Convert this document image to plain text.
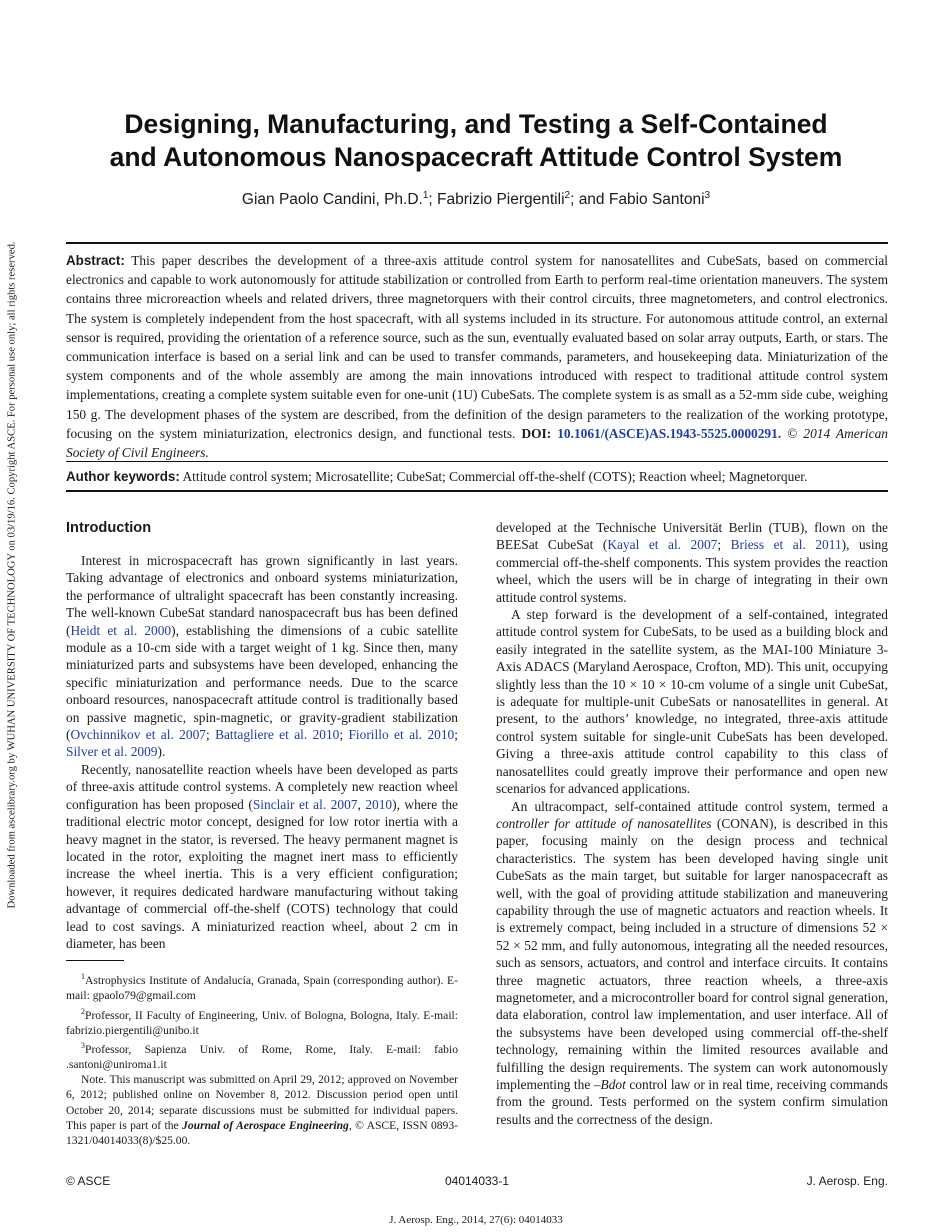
Downloaded from ascelibrary.org by WUHAN UNIVERSITY OF TECHNOLOGY on 03/19/16. Copyright ASCE. For personal use only; all rights reserved.
Designing, Manufacturing, and Testing a Self-Contained
and Autonomous Nanospacecraft Attitude Control System
Gian Paolo Candini, Ph.D.$^1$; Fabrizio Piergentili$^2$; and Fabio Santoni$^3$
Abstract: This paper describes the development of a three-axis attitude control system for nanosatellites and CubeSats, based on commercial electronics and capable to work autonomously for attitude stabilization or controlled from Earth to perform real-time orientation maneuvers. The system contains three microreaction wheels and related drivers, three magnetorquers with their control circuits, three magnetometers, and control electronics. The system is completely independent from the host spacecraft, with all systems included in its structure. For autonomous attitude control, an external sensor is required, providing the orientation of a reference source, such as the sun, eventually evaluated based on solar array outputs, Earth, or stars. The communication interface is based on a serial link and can be used to transfer commands, parameters, and housekeeping data. Miniaturization of the system components and of the whole assembly are among the main innovations introduced with respect to traditional attitude control system implementations, creating a complete system suitable even for one-unit (1U) CubeSats. The complete system is as small as a 52-mm side cube, weighing 150 g. The development phases of the system are described, from the definition of the design parameters to the realization of the working prototype, focusing on the system miniaturization, electronics design, and functional tests. DOI: 10.1061/(ASCE)AS.1943-5525.0000291. © 2014 American Society of Civil Engineers.
Author keywords: Attitude control system; Microsatellite; CubeSat; Commercial off-the-shelf (COTS); Reaction wheel; Magnetorquer.
Introduction

Interest in microspacecraft has grown significantly in last years. Taking advantage of electronics and onboard systems miniaturization, the performance of ultralight spacecraft has been constantly increasing. The well-known CubeSat standard nanospacecraft bus has been defined (Heidt et al. 2000), establishing the dimensions of a cubic satellite module as a 10-cm side with a target weight of 1 kg. Since then, many miniaturized parts and subsystems have been developed, enhancing the specific miniaturization and performance needs. Due to the scarce onboard resources, nanospacecraft attitude control is traditionally based on passive magnetic, spin-magnetic, or gravity-gradient stabilization (Ovchinnikov et al. 2007; Battagliere et al. 2010; Fiorillo et al. 2010; Silver et al. 2009).

Recently, nanosatellite reaction wheels have been developed as parts of three-axis attitude control systems. A completely new reaction wheel configuration has been proposed (Sinclair et al. 2007, 2010), where the traditional electric motor concept, designed for low rotor inertia with a heavy magnet in the stator, is reversed. The heavy permanent magnet is located in the rotor, exploiting the magnet inert mass to efficiently increase the wheel inertia. This is a very efficient configuration; however, it requires dedicated hardware manufacturing without taking advantage of commercial off-the-shelf (COTS) technology that could lead to cost savings. A miniaturized reaction wheel, about 2 cm in diameter, has been

$^1$Astrophysics Institute of Andalucía, Granada, Spain (corresponding author). E-mail: gpaolo79@gmail.com

$^2$Professor, II Faculty of Engineering, Univ. of Bologna, Bologna, Italy. E-mail: fabrizio.piergentili@unibo.it

$^3$Professor, Sapienza Univ. of Rome, Rome, Italy. E-mail: fabio .santoni@uniroma1.it

Note. This manuscript was submitted on April 29, 2012; approved on November 6, 2012; published online on November 8, 2012. Discussion period open until October 20, 2014; separate discussions must be submitted for individual papers. This paper is part of the Journal of Aerospace Engineering, © ASCE, ISSN 0893-1321/04014033(8)/$25.00.

developed at the Technische Universität Berlin (TUB), flown on the BEESat CubeSat (Kayal et al. 2007; Briess et al. 2011), using commercial off-the-shelf components. This system provides the reaction wheel, which the users will be in charge of integrating in their own attitude control systems.

A step forward is the development of a self-contained, integrated attitude control system for CubeSats, to be used as a building block and easily integrated in the satellite system, as the MAI-100 Miniature 3-Axis ADACS (Maryland Aerospace, Crofton, MD). This unit, occupying slightly less than the 10 × 10 × 10-cm volume of a single unit CubeSat, is adequate for multiple-unit CubeSats or nanosatellites in general. At present, to the authors’ knowledge, no integrated, three-axis attitude control system suitable for single-unit CubeSats has been developed. Giving a three-axis attitude control capability to this class of nanosatellites could greatly improve their performance and open new scenarios for advanced applications.

An ultracompact, self-contained attitude control system, termed a controller for attitude of nanosatellites (CONAN), is described in this paper, focusing mainly on the design process and technical characteristics. The system has been developed having single unit CubeSats as the main target, but suitable for larger nanospacecraft as well, with the goal of providing attitude stabilization and maneuvering capability through the use of magnetic actuators and reaction wheels. It is extremely compact, being included in a structure of dimensions 52 × 52 × 52 mm, and fully autonomous, integrating all the needed resources, such as sensors, actuators, and control and interface circuits. It contains three magnetic actuators, three reaction wheels, a three-axis magnetometer, and a microcontroller board for control signal generation, data elaboration, control law implementation, and user interface. All of the subsystems have been developed using commercial off-the-shelf technology, remaining within the limited resources available and fulfilling the design requirements. The system can work autonomously implementing the –Bdot control law or in real time, receiving commands from the ground. Tests performed on the system confirm simulation results and the correctness of the design.

© ASCE	04014033-1	J. Aerosp. Eng.
J. Aerosp. Eng., 2014, 27(6): 04014033
